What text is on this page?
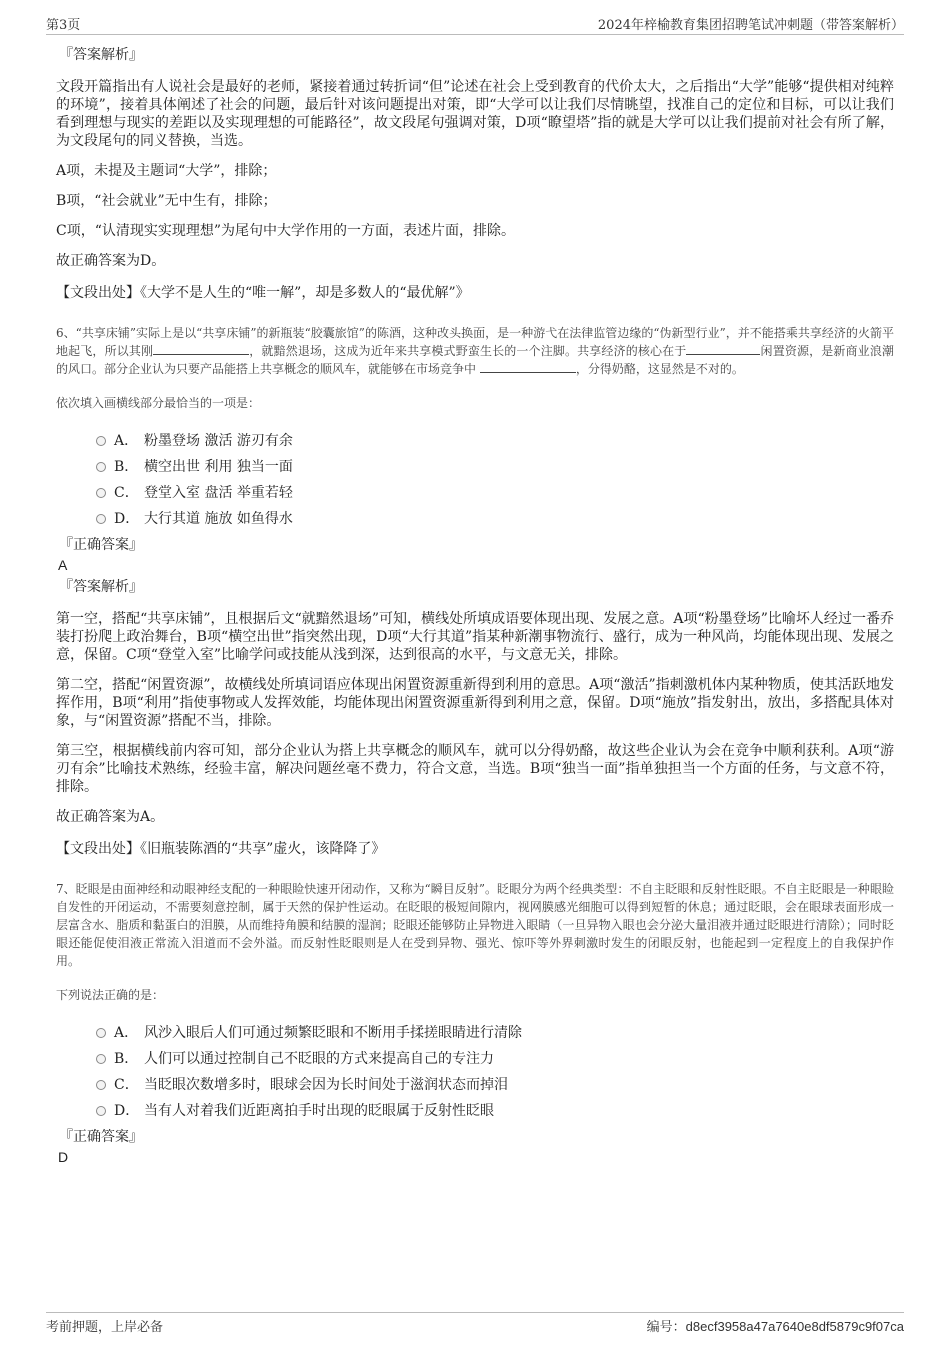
第3页	2024年梓榆教育集团招聘笔试冲刺题（带答案解析）
『答案解析』

文段开篇指出有人说社会是最好的老师，紧接着通过转折词“但”论述在社会上受到教育的代价太大，之后指出“大学”能够“提供相对纯粹的环境”，接着具体阐述了社会的问题，最后针对该问题提出对策，即“大学可以让我们尽情眺望，找准自己的定位和目标，可以让我们看到理想与现实的差距以及实现理想的可能路径”，故文段尾句强调对策，D项“瞭望塔”指的就是大学可以让我们提前对社会有所了解，为文段尾句的同义替换，当选。

A项，未提及主题词“大学”，排除；

B项，“社会就业”无中生有，排除；

C项，“认清现实实现理想”为尾句中大学作用的一方面，表述片面，排除。

故正确答案为D。

【文段出处】《大学不是人生的“唯一解”，却是多数人的“最优解”》

6、“共享床铺”实际上是以“共享床铺”的新瓶装“胶囊旅馆”的陈酒，这种改头换面，是一种游弋在法律监管边缘的“伪新型行业”，并不能搭乘共享经济的火箭平地起飞，所以其刚	，就黯然退场，这成为近年来共享模式野蛮生长的一个注脚。共享经济的核心在于	闲置资源，是新商业浪潮的风口。部分企业认为只要产品能搭上共享概念的顺风车，就能够在市场竞争中	，分得奶酪，这显然是不对的。

依次填入画横线部分最恰当的一项是：

A． 粉墨登场 激活 游刃有余
B． 横空出世 利用 独当一面
C． 登堂入室 盘活 举重若轻
D． 大行其道 施放 如鱼得水
『正确答案』
A
『答案解析』

第一空，搭配“共享床铺”，且根据后文“就黯然退场”可知，横线处所填成语要体现出现、发展之意。A项“粉墨登场”比喻坏人经过一番乔装打扮爬上政治舞台，B项“横空出世”指突然出现，D项“大行其道”指某种新潮事物流行、盛行，成为一种风尚，均能体现出现、发展之意，保留。C项“登堂入室”比喻学问或技能从浅到深，达到很高的水平，与文意无关，排除。

第二空，搭配“闲置资源”，故横线处所填词语应体现出闲置资源重新得到利用的意思。A项“激活”指刺激机体内某种物质，使其活跃地发挥作用，B项“利用”指使事物或人发挥效能，均能体现出闲置资源重新得到利用之意，保留。D项“施放”指发射出，放出，多搭配具体对象，与“闲置资源”搭配不当，排除。

第三空，根据横线前内容可知，部分企业认为搭上共享概念的顺风车，就可以分得奶酪，故这些企业认为会在竞争中顺利获利。A项“游刃有余”比喻技术熟练，经验丰富，解决问题丝毫不费力，符合文意，当选。B项“独当一面”指单独担当一个方面的任务，与文意不符，排除。

故正确答案为A。

【文段出处】《旧瓶装陈酒的“共享”虚火，该降降了》

7、眨眼是由面神经和动眼神经支配的一种眼睑快速开闭动作，又称为“瞬目反射”。眨眼分为两个经典类型：不自主眨眼和反射性眨眼。不自主眨眼是一种眼睑自发性的开闭运动，不需要刻意控制，属于天然的保护性运动。在眨眼的极短间隙内，视网膜感光细胞可以得到短暂的休息；通过眨眼，会在眼球表面形成一层富含水、脂质和黏蛋白的泪膜，从而维持角膜和结膜的湿润；眨眼还能够防止异物进入眼睛（一旦异物入眼也会分泌大量泪液并通过眨眼进行清除）；同时眨眼还能促使泪液正常流入泪道而不会外溢。而反射性眨眼则是人在受到异物、强光、惊吓等外界刺激时发生的闭眼反射，也能起到一定程度上的自我保护作用。

下列说法正确的是：

A． 风沙入眼后人们可通过频繁眨眼和不断用手揉搓眼睛进行清除
B． 人们可以通过控制自己不眨眼的方式来提高自己的专注力
C． 当眨眼次数增多时，眼球会因为长时间处于滋润状态而掉泪
D． 当有人对着我们近距离拍手时出现的眨眼属于反射性眨眼
『正确答案』
D
考前押题，上岸必备	编号：d8ecf3958a47a7640e8df5879c9f07ca
